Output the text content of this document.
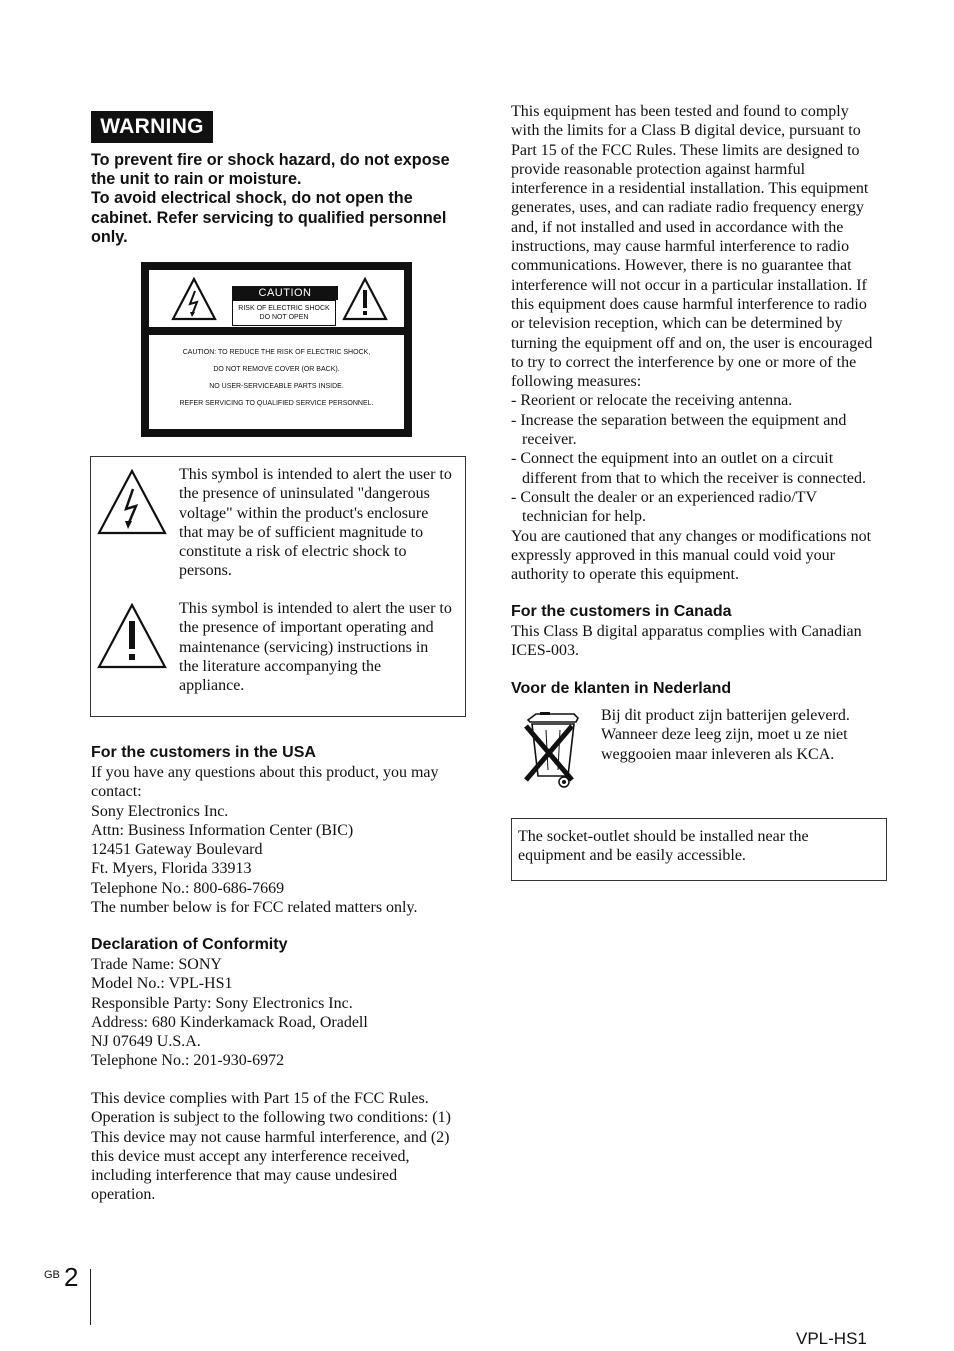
WARNING
To prevent fire or shock hazard, do not expose
the unit to rain or moisture.
To avoid electrical shock, do not open the
cabinet. Refer servicing to qualified personnel
only.
CAUTION
RISK OF ELECTRIC SHOCK
DO NOT OPEN
CAUTION: TO REDUCE THE RISK OF ELECTRIC SHOCK,
DO NOT REMOVE COVER (OR BACK).
NO USER-SERVICEABLE PARTS INSIDE.
REFER SERVICING TO QUALIFIED SERVICE PERSONNEL.
This symbol is intended to alert the user to
the presence of uninsulated "dangerous
voltage" within the product's enclosure
that may be of sufficient magnitude to
constitute a risk of electric shock to
persons.
This symbol is intended to alert the user to
the presence of important operating and
maintenance (servicing) instructions in
the literature accompanying the
appliance.
For the customers in the USA
If you have any questions about this product, you may
contact:
Sony Electronics Inc.
Attn: Business Information Center (BIC)
12451 Gateway Boulevard
Ft. Myers, Florida 33913
Telephone No.: 800-686-7669
The number below is for FCC related matters only.
Declaration of Conformity
Trade Name: SONY
Model No.: VPL-HS1
Responsible Party: Sony Electronics Inc.
Address: 680 Kinderkamack Road, Oradell
NJ 07649 U.S.A.
Telephone No.: 201-930-6972
This device complies with Part 15 of the FCC Rules.
Operation is subject to the following two conditions: (1)
This device may not cause harmful interference, and (2)
this device must accept any interference received,
including interference that may cause undesired
operation.
This equipment has been tested and found to comply
with the limits for a Class B digital device, pursuant to
Part 15 of the FCC Rules. These limits are designed to
provide reasonable protection against harmful
interference in a residential installation. This equipment
generates, uses, and can radiate radio frequency energy
and, if not installed and used in accordance with the
instructions, may cause harmful interference to radio
communications. However, there is no guarantee that
interference will not occur in a particular installation. If
this equipment does cause harmful interference to radio
or television reception, which can be determined by
turning the equipment off and on, the user is encouraged
to try to correct the interference by one or more of the
following measures:
- Reorient or relocate the receiving antenna.
- Increase the separation between the equipment and
receiver.
- Connect the equipment into an outlet on a circuit
different from that to which the receiver is connected.
- Consult the dealer or an experienced radio/TV
technician for help.
You are cautioned that any changes or modifications not
expressly approved in this manual could void your
authority to operate this equipment.
For the customers in Canada
This Class B digital apparatus complies with Canadian
ICES-003.
Voor de klanten in Nederland
Bij dit product zijn batterijen geleverd.
Wanneer deze leeg zijn, moet u ze niet
weggooien maar inleveren als KCA.
The socket-outlet should be installed near the
equipment and be easily accessible.
GB 2
VPL-HS1
